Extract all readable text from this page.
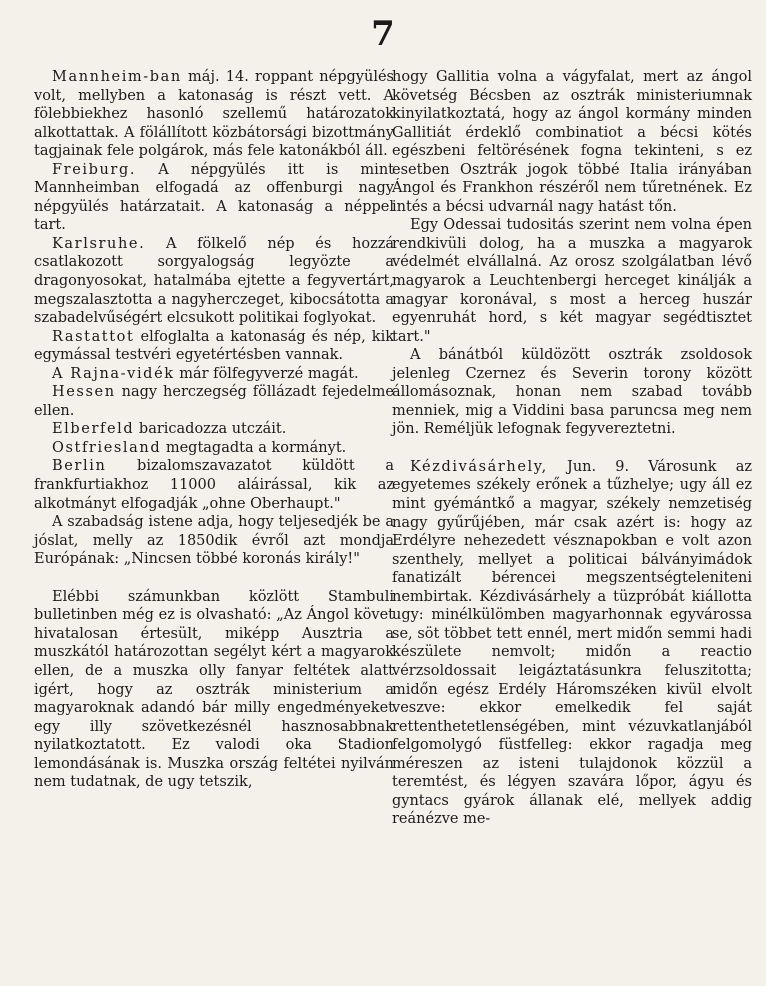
7

Mannheim-ban máj. 14. roppant népgyülés volt, mellyben a katonaság is részt vett. A fölebbiekhez hasonló szellemű határozatok alkottattak. A fölállított közbátorsági bizottmány tagjainak fele polgárok, más fele katonákból áll.

Freiburg. A népgyülés itt is mint Mannheimban elfogadá az offenburgi nagy népgyülés határzatait. A katonaság a néppel tart.

Karlsruhe. A fölkelő nép és hozzá csatlakozott sorgyalogság legyözte a dragonyosokat, hatalmába ejtette a fegyvertárt, megszalasztotta a nagyherczeget, kibocsátotta a szabadelvűségért elcsukott politikai foglyokat.

Rastattot elfoglalta a katonaság és nép, kik egymással testvéri egyetértésben vannak.

A Rajna-vidék már fölfegyverzé magát.

Hessen nagy herczegség föllázadt fejedelme ellen.

Elberfeld baricadozza utczáit.

Ostfriesland megtagadta a kormányt.

Berlin bizalomszavazatot küldött a frankfurtiakhoz 11000 aláirással, kik az alkotmányt elfogadják „ohne Oberhaupt."

A szabadság istene adja, hogy teljesedjék be a jóslat, melly az 1850dik évről azt mondja Európának: „Nincsen többé koronás király!"

Elébbi számunkban közlött Stambuli bulletinben még ez is olvasható: „Az Ángol követ hivatalosan értesült, miképp Ausztria a muszkától határozottan segélyt kért a magyarok ellen, de a muszka olly fanyar feltétek alatt igért, hogy az osztrák ministerium a magyaroknak adandó bár milly engedményeket egy illy szövetkezésnél hasznosabbnak nyilatkoztatott. Ez valodi oka Stadion lemondásának is. Muszka ország feltétei nyilván nem tudatnak, de ugy tetszik,

hogy Gallitia volna a vágyfalat, mert az ángol követség Bécsben az osztrák ministeriumnak kinyilatkoztatá, hogy az ángol kormány minden Gallitiát érdeklő combinatiot a bécsi kötés egészbeni feltörésének fogna tekinteni, s ez esetben Osztrák jogok többé Italia irányában Ángol és Frankhon részéről nem tűretnének. Ez intés a bécsi udvarnál nagy hatást tőn.

Egy Odessai tudositás szerint nem volna épen rendkivüli dolog, ha a muszka a magyarok védelmét elvállalná. Az orosz szolgálatban lévő magyarok a Leuchtenbergi herceget kinálják a magyar koronával, s most a herceg huszár egyenruhát hord, s két magyar segédtisztet tart."

A bánátból küldözött osztrák zsoldosok jelenleg Czernez és Severin torony között állomásoznak, honan nem szabad tovább menniek, mig a Viddini basa paruncsa meg nem jön. Reméljük lefognak fegyvereztetni.

Kézdivásárhely, Jun. 9. Városunk az egyetemes székely erőnek a tűzhelye; ugy áll ez mint gyémántkő a magyar, székely nemzetiség nagy gyűrűjében, már csak azért is: hogy az Erdélyre nehezedett vésznapokban e volt azon szenthely, mellyet a politicai bálványimádok fanatizált bérencei megszentségteleniteni nembirtak. Kézdivásárhely a tüzpróbát kiállotta ugy: minélkülömben magyarhonnak egyvárossa se, söt többet tett ennél, mert midőn semmi hadi készülete nemvolt; midőn a reactio vérzsoldossait leigáztatásunkra feluszitotta; midőn egész Erdély Háromszéken kivül elvolt veszve: ekkor emelkedik fel saját rettenthetetlenségében, mint vézuvkatlanjából felgomolygó füstfelleg: ekkor ragadja meg méreszen az isteni tulajdonok közzül a teremtést, és légyen szavára lőpor, ágyu és gyntacs gyárok állanak elé, mellyek addig reánézve me-
